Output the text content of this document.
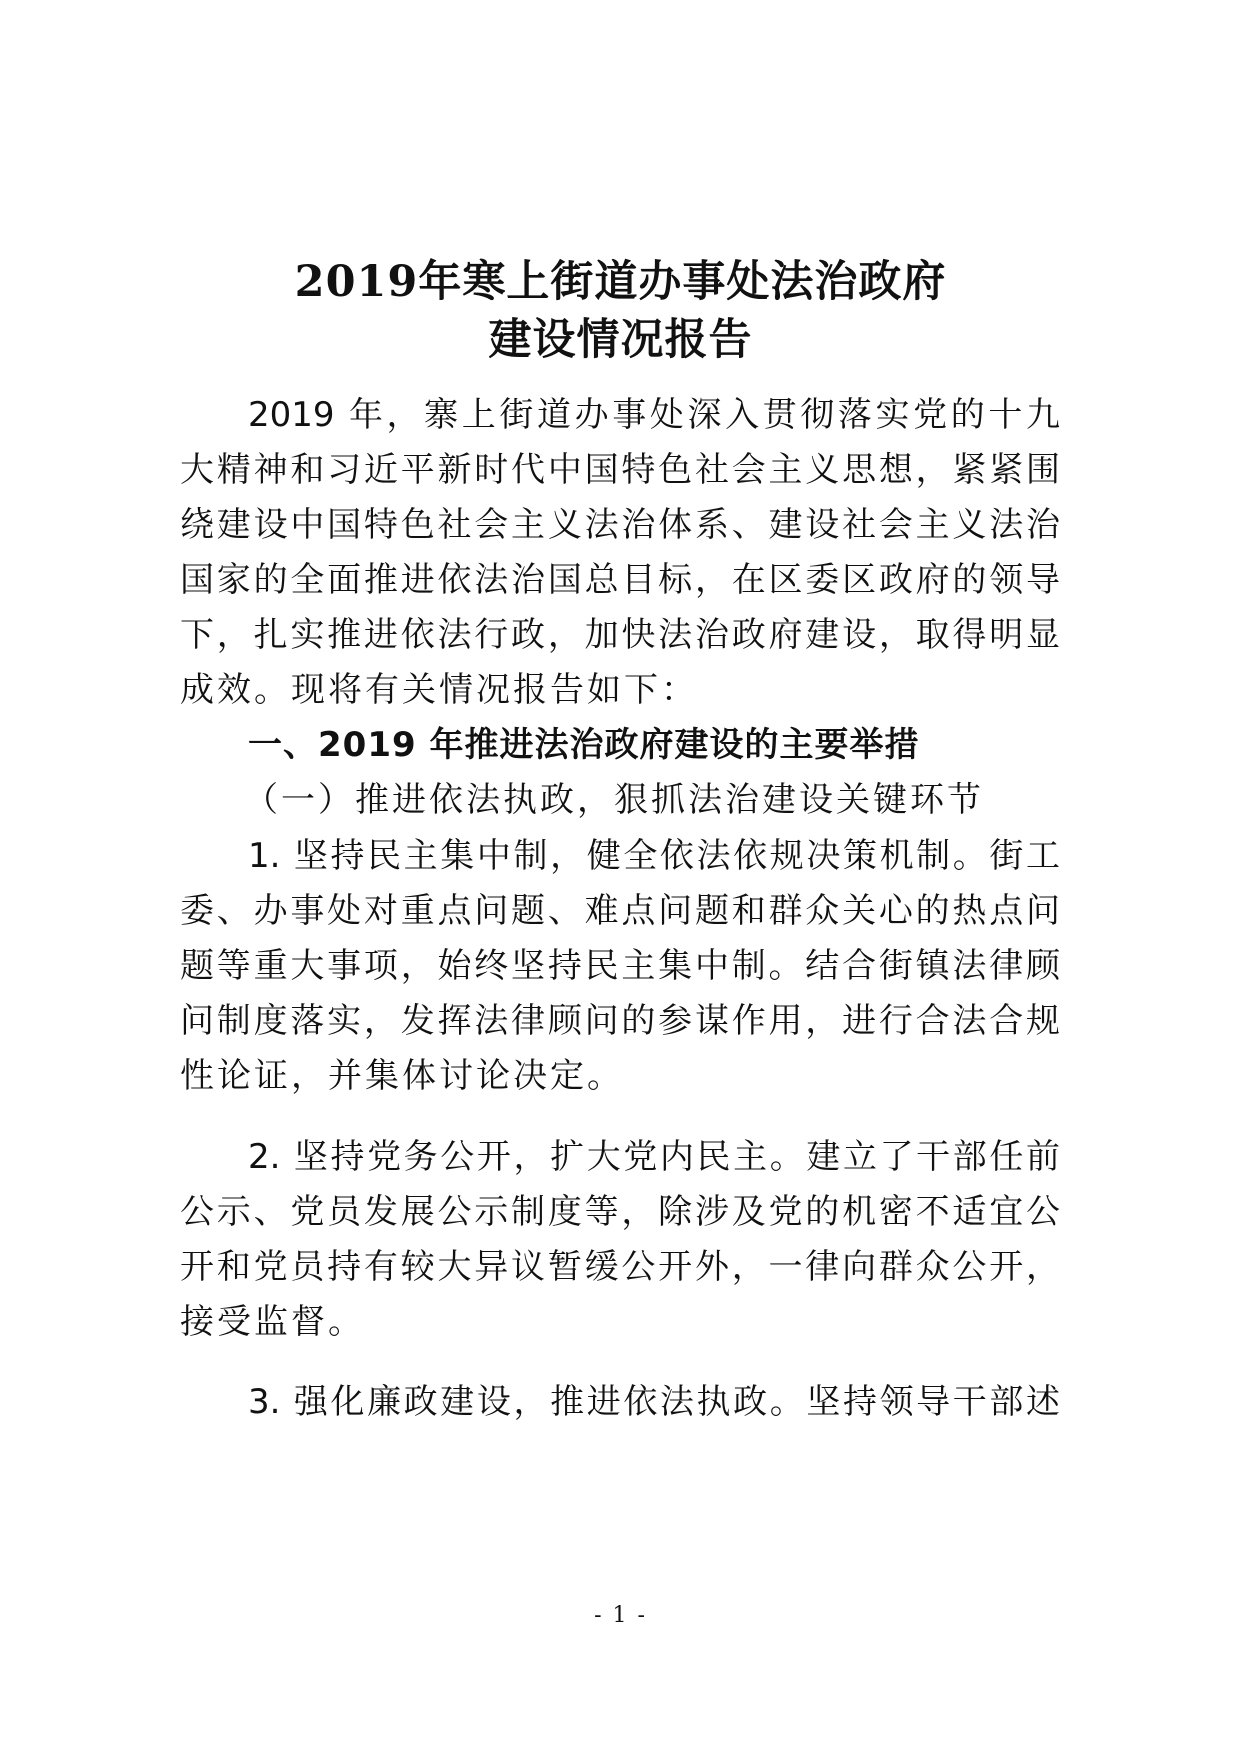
2019年寒上街道办事处法治政府
建设情况报告
2019 年，寨上街道办事处深入贯彻落实党的十九
大精神和习近平新时代中国特色社会主义思想，紧紧围
绕建设中国特色社会主义法治体系、建设社会主义法治
国家的全面推进依法治国总目标，在区委区政府的领导
下，扎实推进依法行政，加快法治政府建设，取得明显
成效。现将有关情况报告如下：
一、2019 年推进法治政府建设的主要举措
（一）推进依法执政，狠抓法治建设关键环节
1. 坚持民主集中制，健全依法依规决策机制。街工
委、办事处对重点问题、难点问题和群众关心的热点问
题等重大事项，始终坚持民主集中制。结合街镇法律顾
问制度落实，发挥法律顾问的参谋作用，进行合法合规
性论证，并集体讨论决定。
2. 坚持党务公开，扩大党内民主。建立了干部任前
公示、党员发展公示制度等，除涉及党的机密不适宜公
开和党员持有较大异议暂缓公开外，一律向群众公开，
接受监督。
3. 强化廉政建设，推进依法执政。坚持领导干部述
- 1 -
